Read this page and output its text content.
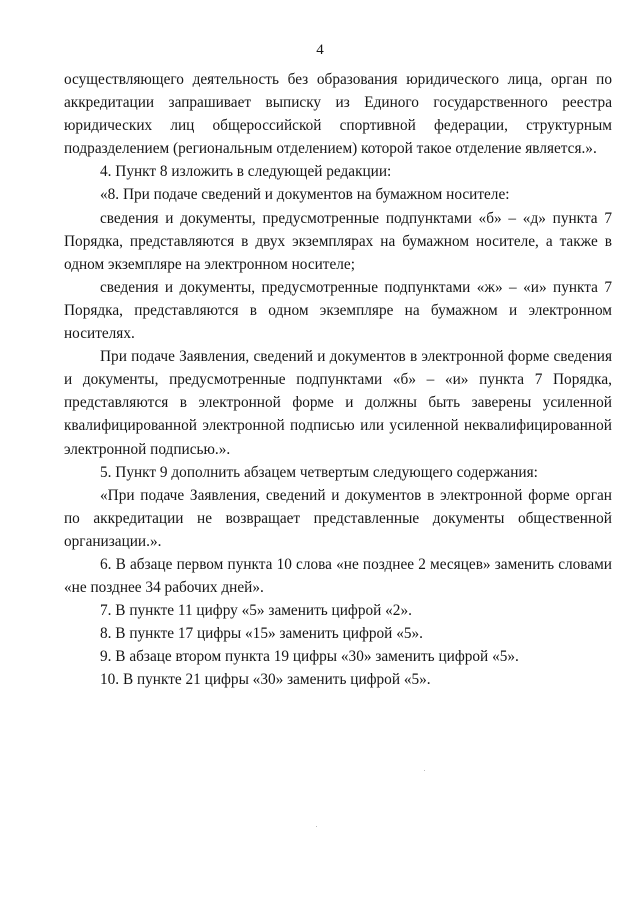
4

осуществляющего деятельность без образования юридического лица, орган по аккредитации запрашивает выписку из Единого государственного реестра юридических лиц общероссийской спортивной федерации, структурным подразделением (региональным отделением) которой такое отделение является.».

4. Пункт 8 изложить в следующей редакции:

«8. При подаче сведений и документов на бумажном носителе:

сведения и документы, предусмотренные подпунктами «б» – «д» пункта 7 Порядка, представляются в двух экземплярах на бумажном носителе, а также в одном экземпляре на электронном носителе;

сведения и документы, предусмотренные подпунктами «ж» – «и» пункта 7 Порядка, представляются в одном экземпляре на бумажном и электронном носителях.

При подаче Заявления, сведений и документов в электронной форме сведения и документы, предусмотренные подпунктами «б» – «и» пункта 7 Порядка, представляются в электронной форме и должны быть заверены усиленной квалифицированной электронной подписью или усиленной неквалифицированной электронной подписью.».

5. Пункт 9 дополнить абзацем четвертым следующего содержания:

«При подаче Заявления, сведений и документов в электронной форме орган по аккредитации не возвращает представленные документы общественной организации.».

6. В абзаце первом пункта 10 слова «не позднее 2 месяцев» заменить словами «не позднее 34 рабочих дней».

7. В пункте 11 цифру «5» заменить цифрой «2».

8. В пункте 17 цифры «15» заменить цифрой «5».

9. В абзаце втором пункта 19 цифры «30» заменить цифрой «5».

10. В пункте 21 цифры «30» заменить цифрой «5».
